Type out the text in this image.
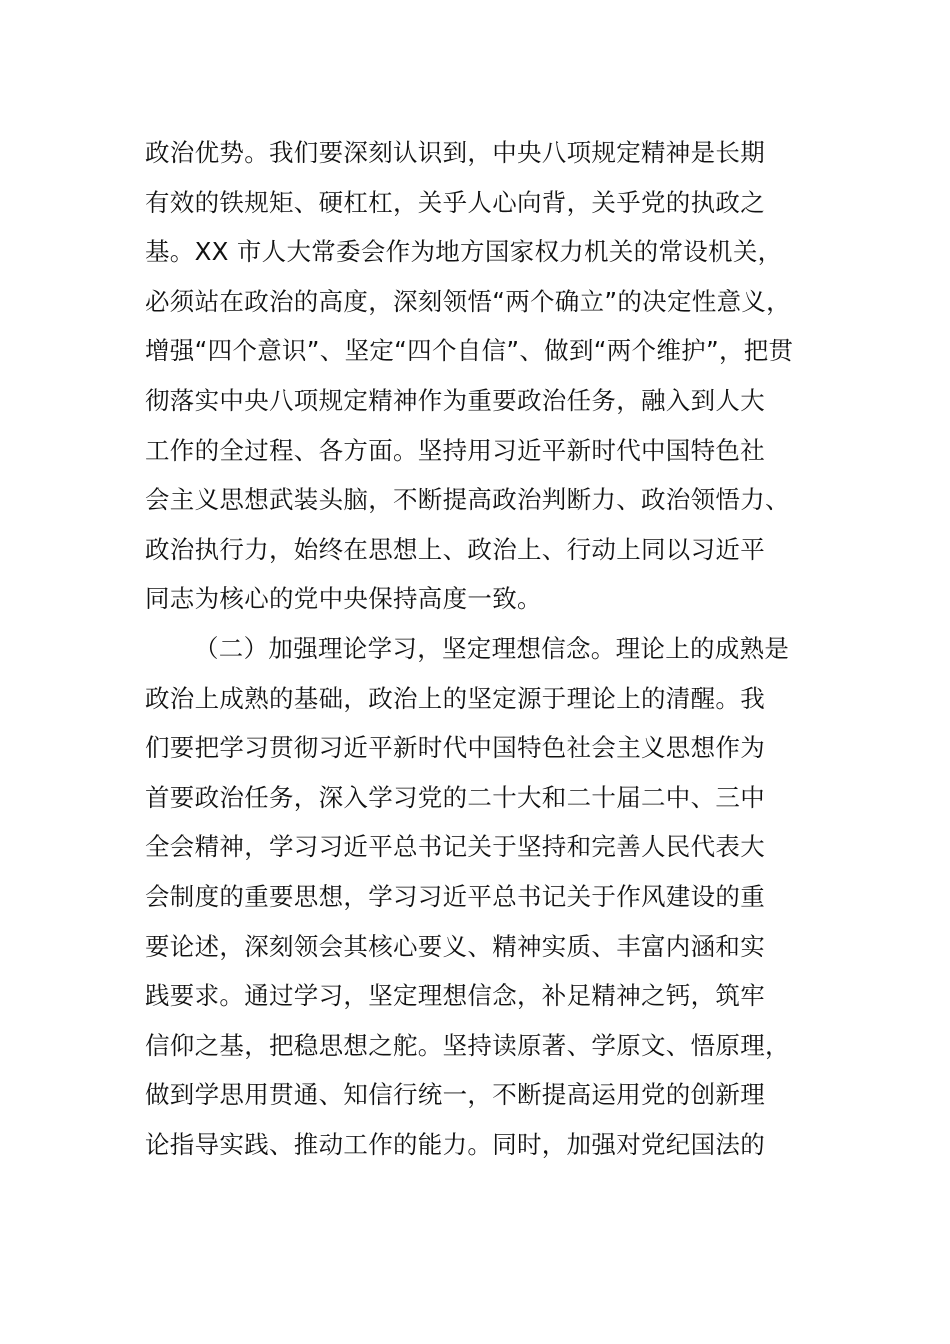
政治优势。我们要深刻认识到，中央八项规定精神是长期
有效的铁规矩、硬杠杠，关乎人心向背，关乎党的执政之
基。XX 市人大常委会作为地方国家权力机关的常设机关，
必须站在政治的高度，深刻领悟“两个确立”的决定性意义，
增强“四个意识”、坚定“四个自信”、做到“两个维护”，把贯
彻落实中央八项规定精神作为重要政治任务，融入到人大
工作的全过程、各方面。坚持用习近平新时代中国特色社
会主义思想武装头脑，不断提高政治判断力、政治领悟力、
政治执行力，始终在思想上、政治上、行动上同以习近平
同志为核心的党中央保持高度一致。
（二）加强理论学习，坚定理想信念。理论上的成熟是
政治上成熟的基础，政治上的坚定源于理论上的清醒。我
们要把学习贯彻习近平新时代中国特色社会主义思想作为
首要政治任务，深入学习党的二十大和二十届二中、三中
全会精神，学习习近平总书记关于坚持和完善人民代表大
会制度的重要思想，学习习近平总书记关于作风建设的重
要论述，深刻领会其核心要义、精神实质、丰富内涵和实
践要求。通过学习，坚定理想信念，补足精神之钙，筑牢
信仰之基，把稳思想之舵。坚持读原著、学原文、悟原理，
做到学思用贯通、知信行统一，不断提高运用党的创新理
论指导实践、推动工作的能力。同时，加强对党纪国法的
